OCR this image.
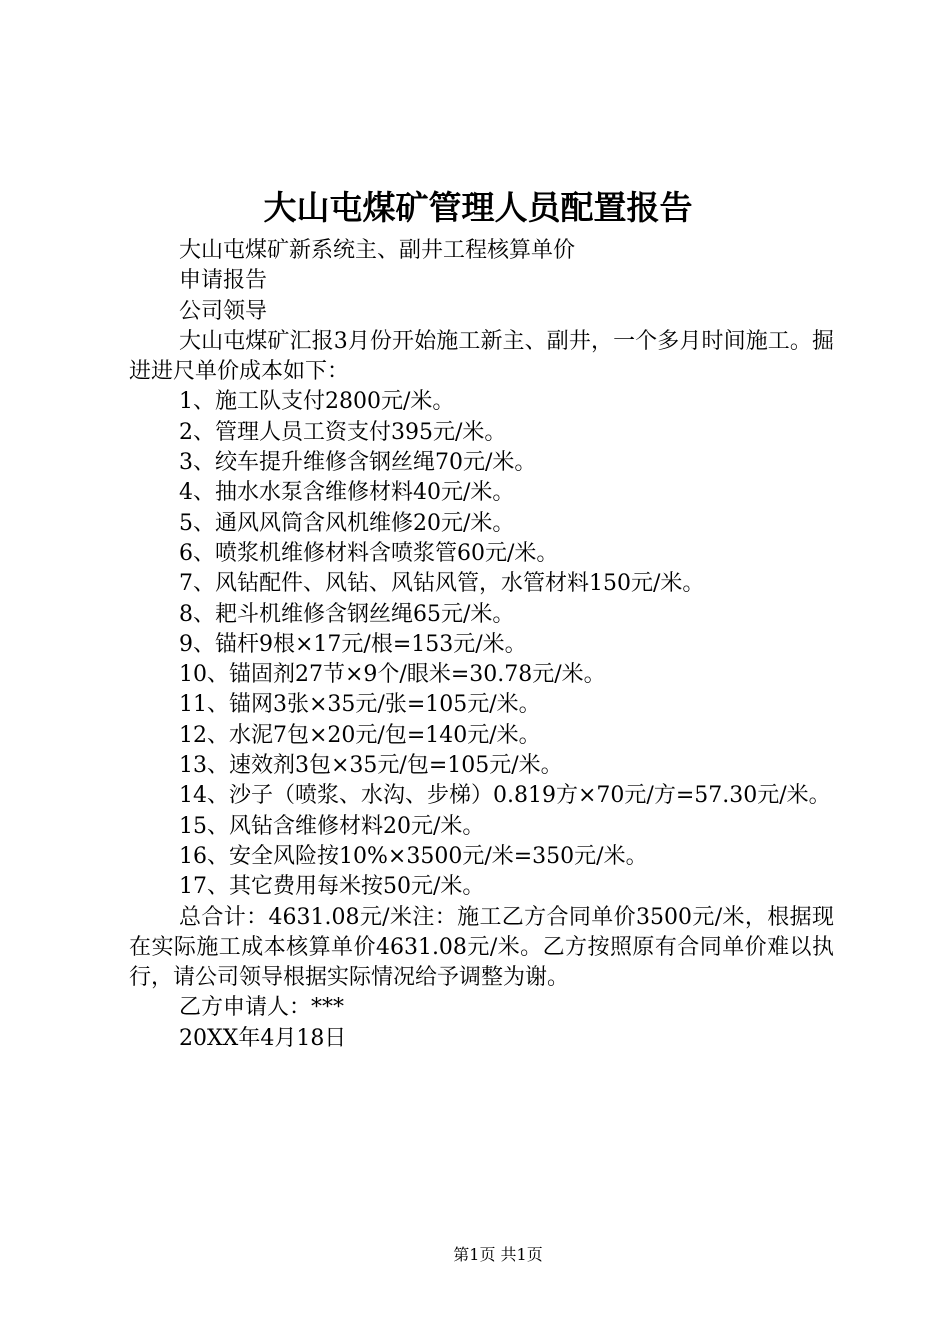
大山屯煤矿管理人员配置报告

大山屯煤矿新系统主、副井工程核算单价

申请报告

公司领导

大山屯煤矿汇报3月份开始施工新主、副井，一个多月时间施工。掘进进尺单价成本如下：

1、施工队支付2800元/米。

2、管理人员工资支付395元/米。

3、绞车提升维修含钢丝绳70元/米。

4、抽水水泵含维修材料40元/米。

5、通风风筒含风机维修20元/米。

6、喷浆机维修材料含喷浆管60元/米。

7、风钻配件、风钻、风钻风管，水管材料150元/米。

8、耙斗机维修含钢丝绳65元/米。

9、锚杆9根×17元/根=153元/米。

10、锚固剂27节×9个/眼米=30.78元/米。

11、锚网3张×35元/张=105元/米。

12、水泥7包×20元/包=140元/米。

13、速效剂3包×35元/包=105元/米。

14、沙子（喷浆、水沟、步梯）0.819方×70元/方=57.30元/米。

15、风钻含维修材料20元/米。

16、安全风险按10%×3500元/米=350元/米。

17、其它费用每米按50元/米。

总合计：4631.08元/米注：施工乙方合同单价3500元/米，根据现在实际施工成本核算单价4631.08元/米。乙方按照原有合同单价难以执行，请公司领导根据实际情况给予调整为谢。

乙方申请人：***

20XX年4月18日

第1页 共1页
